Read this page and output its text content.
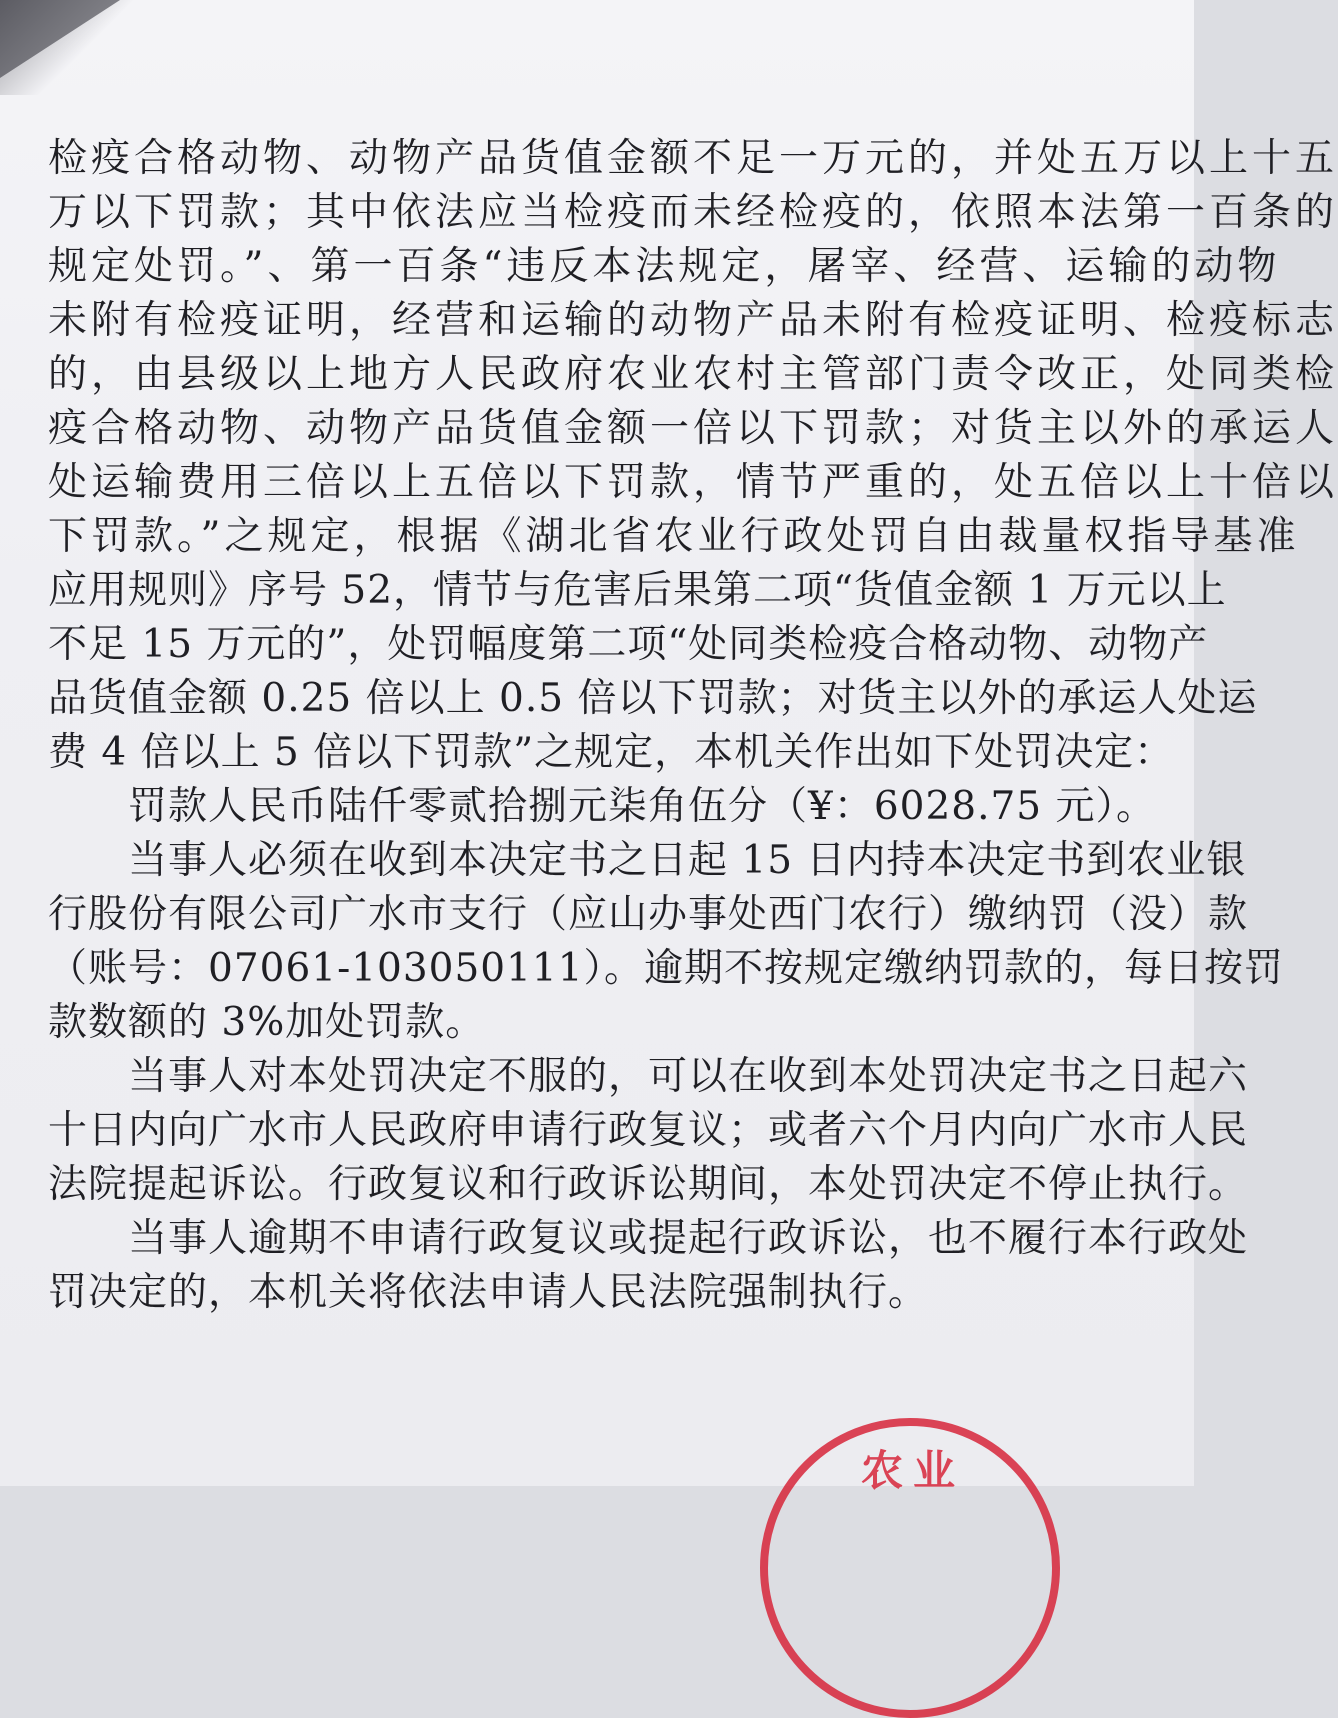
检疫合格动物、动物产品货值金额不足一万元的，并处五万以上十五
万以下罚款；其中依法应当检疫而未经检疫的，依照本法第一百条的
规定处罚。”、第一百条“违反本法规定，屠宰、经营、运输的动物
未附有检疫证明，经营和运输的动物产品未附有检疫证明、检疫标志
的，由县级以上地方人民政府农业农村主管部门责令改正，处同类检
疫合格动物、动物产品货值金额一倍以下罚款；对货主以外的承运人
处运输费用三倍以上五倍以下罚款，情节严重的，处五倍以上十倍以
下罚款。”之规定，根据《湖北省农业行政处罚自由裁量权指导基准
应用规则》序号 52，情节与危害后果第二项“货值金额 1 万元以上
不足 15 万元的”，处罚幅度第二项“处同类检疫合格动物、动物产
品货值金额 0.25 倍以上 0.5 倍以下罚款；对货主以外的承运人处运
费 4 倍以上 5 倍以下罚款”之规定，本机关作出如下处罚决定：
罚款人民币陆仟零贰拾捌元柒角伍分（¥：6028.75 元）。
当事人必须在收到本决定书之日起 15 日内持本决定书到农业银
行股份有限公司广水市支行（应山办事处西门农行）缴纳罚（没）款
（账号：07061-103050111）。逾期不按规定缴纳罚款的，每日按罚
款数额的 3%加处罚款。
当事人对本处罚决定不服的，可以在收到本处罚决定书之日起六
十日内向广水市人民政府申请行政复议；或者六个月内向广水市人民
法院提起诉讼。行政复议和行政诉讼期间，本处罚决定不停止执行。
当事人逾期不申请行政复议或提起行政诉讼，也不履行本行政处
罚决定的，本机关将依法申请人民法院强制执行。
农业
